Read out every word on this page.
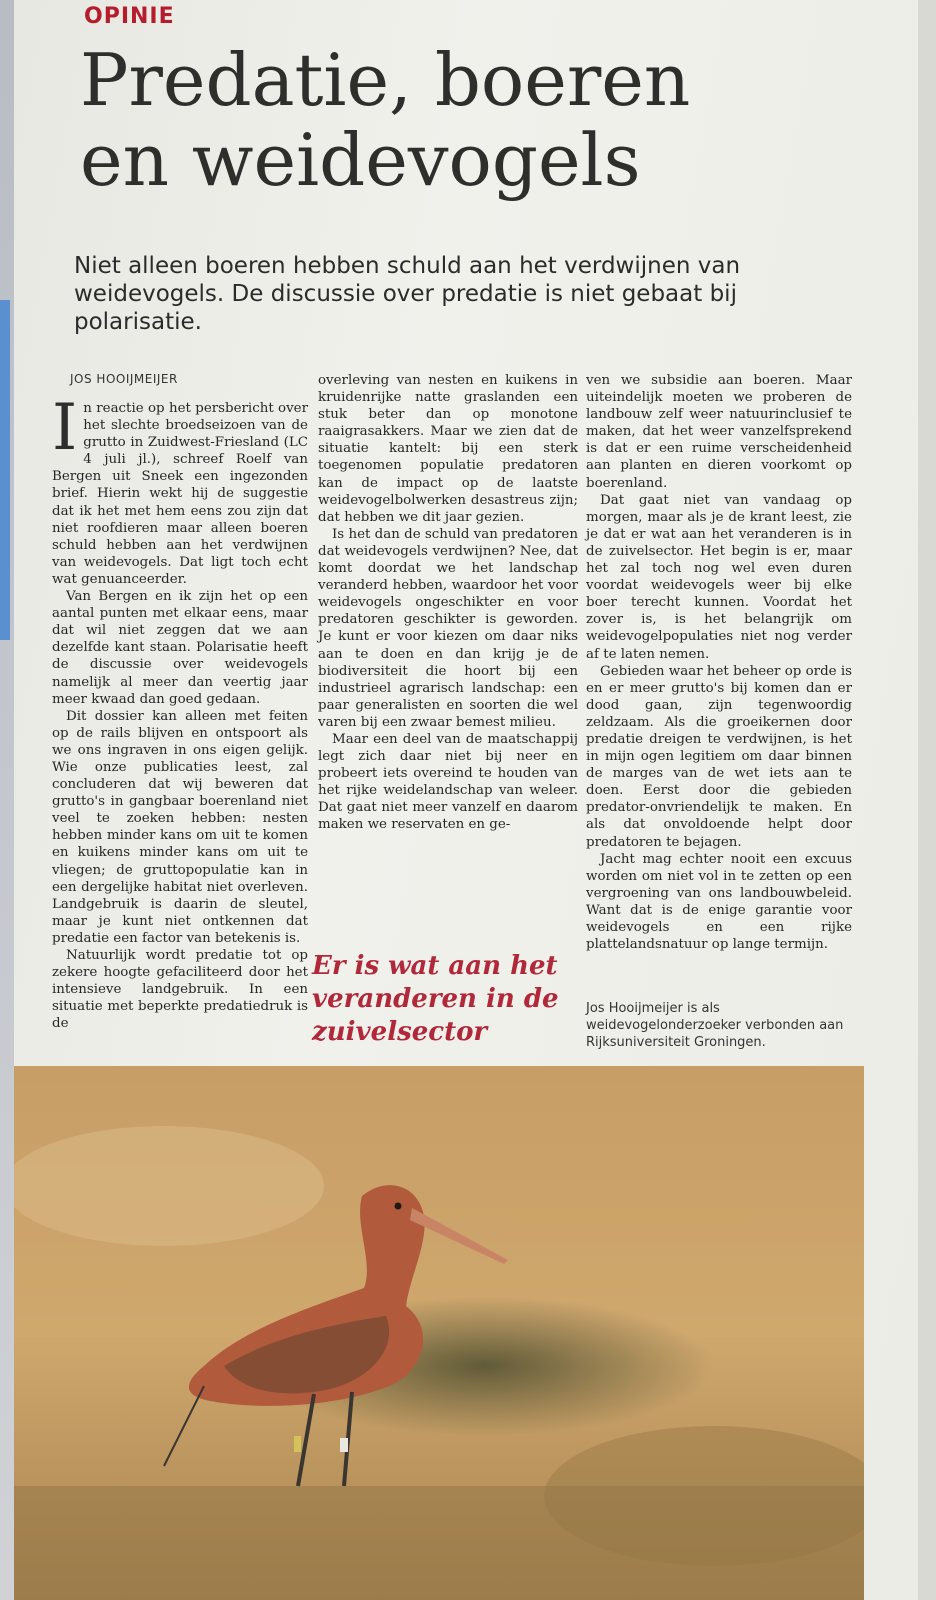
OPINIE
Predatie, boeren
en weidevogels
Niet alleen boeren hebben schuld aan het verdwijnen van weidevogels. De discussie over predatie is niet gebaat bij polarisatie.
JOS HOOIJMEIJER

In reactie op het persbericht over het slechte broedseizoen van de grutto in Zuidwest-Friesland (LC 4 juli jl.), schreef Roelf van Bergen uit Sneek een ingezonden brief. Hierin wekt hij de suggestie dat ik het met hem eens zou zijn dat niet roofdieren maar alleen boeren schuld hebben aan het verdwijnen van weidevogels. Dat ligt toch echt wat genuanceerder.

Van Bergen en ik zijn het op een aantal punten met elkaar eens, maar dat wil niet zeggen dat we aan dezelfde kant staan. Polarisatie heeft de discussie over weidevogels namelijk al meer dan veertig jaar meer kwaad dan goed gedaan.

Dit dossier kan alleen met feiten op de rails blijven en ontspoort als we ons ingraven in ons eigen gelijk. Wie onze publicaties leest, zal concluderen dat wij beweren dat grutto's in gangbaar boerenland niet veel te zoeken hebben: nesten hebben minder kans om uit te komen en kuikens minder kans om uit te vliegen; de gruttopopulatie kan in een dergelijke habitat niet overleven. Landgebruik is daarin de sleutel, maar je kunt niet ontkennen dat predatie een factor van betekenis is.

Natuurlijk wordt predatie tot op zekere hoogte gefaciliteerd door het intensieve landgebruik. In een situatie met beperkte predatiedruk is de

overleving van nesten en kuikens in kruidenrijke natte graslanden een stuk beter dan op monotone raaigrasakkers. Maar we zien dat de situatie kantelt: bij een sterk toegenomen populatie predatoren kan de impact op de laatste weidevogelbolwerken desastreus zijn; dat hebben we dit jaar gezien.

Is het dan de schuld van predatoren dat weidevogels verdwijnen? Nee, dat komt doordat we het landschap veranderd hebben, waardoor het voor weidevogels ongeschikter en voor predatoren geschikter is geworden. Je kunt er voor kiezen om daar niks aan te doen en dan krijg je de biodiversiteit die hoort bij een industrieel agrarisch landschap: een paar generalisten en soorten die wel varen bij een zwaar bemest milieu.

Maar een deel van de maatschappij legt zich daar niet bij neer en probeert iets overeind te houden van het rijke weidelandschap van weleer. Dat gaat niet meer vanzelf en daarom maken we reservaten en ge-

Er is wat aan het veranderen in de zuivelsector

ven we subsidie aan boeren. Maar uiteindelijk moeten we proberen de landbouw zelf weer natuurinclusief te maken, dat het weer vanzelfsprekend is dat er een ruime verscheidenheid aan planten en dieren voorkomt op boerenland.

Dat gaat niet van vandaag op morgen, maar als je de krant leest, zie je dat er wat aan het veranderen is in de zuivelsector. Het begin is er, maar het zal toch nog wel even duren voordat weidevogels weer bij elke boer terecht kunnen. Voordat het zover is, is het belangrijk om weidevogelpopulaties niet nog verder af te laten nemen.

Gebieden waar het beheer op orde is en er meer grutto's bij komen dan er dood gaan, zijn tegenwoordig zeldzaam. Als die groeikernen door predatie dreigen te verdwijnen, is het in mijn ogen legitiem om daar binnen de marges van de wet iets aan te doen. Eerst door die gebieden predator-onvriendelijk te maken. En als dat onvoldoende helpt door predatoren te bejagen.

Jacht mag echter nooit een excuus worden om niet vol in te zetten op een vergroening van ons landbouwbeleid. Want dat is de enige garantie voor weidevogels en een rijke plattelandsnatuur op lange termijn.

Jos Hooijmeijer is als weidevogelonderzoeker verbonden aan Rijksuniversiteit Groningen.
